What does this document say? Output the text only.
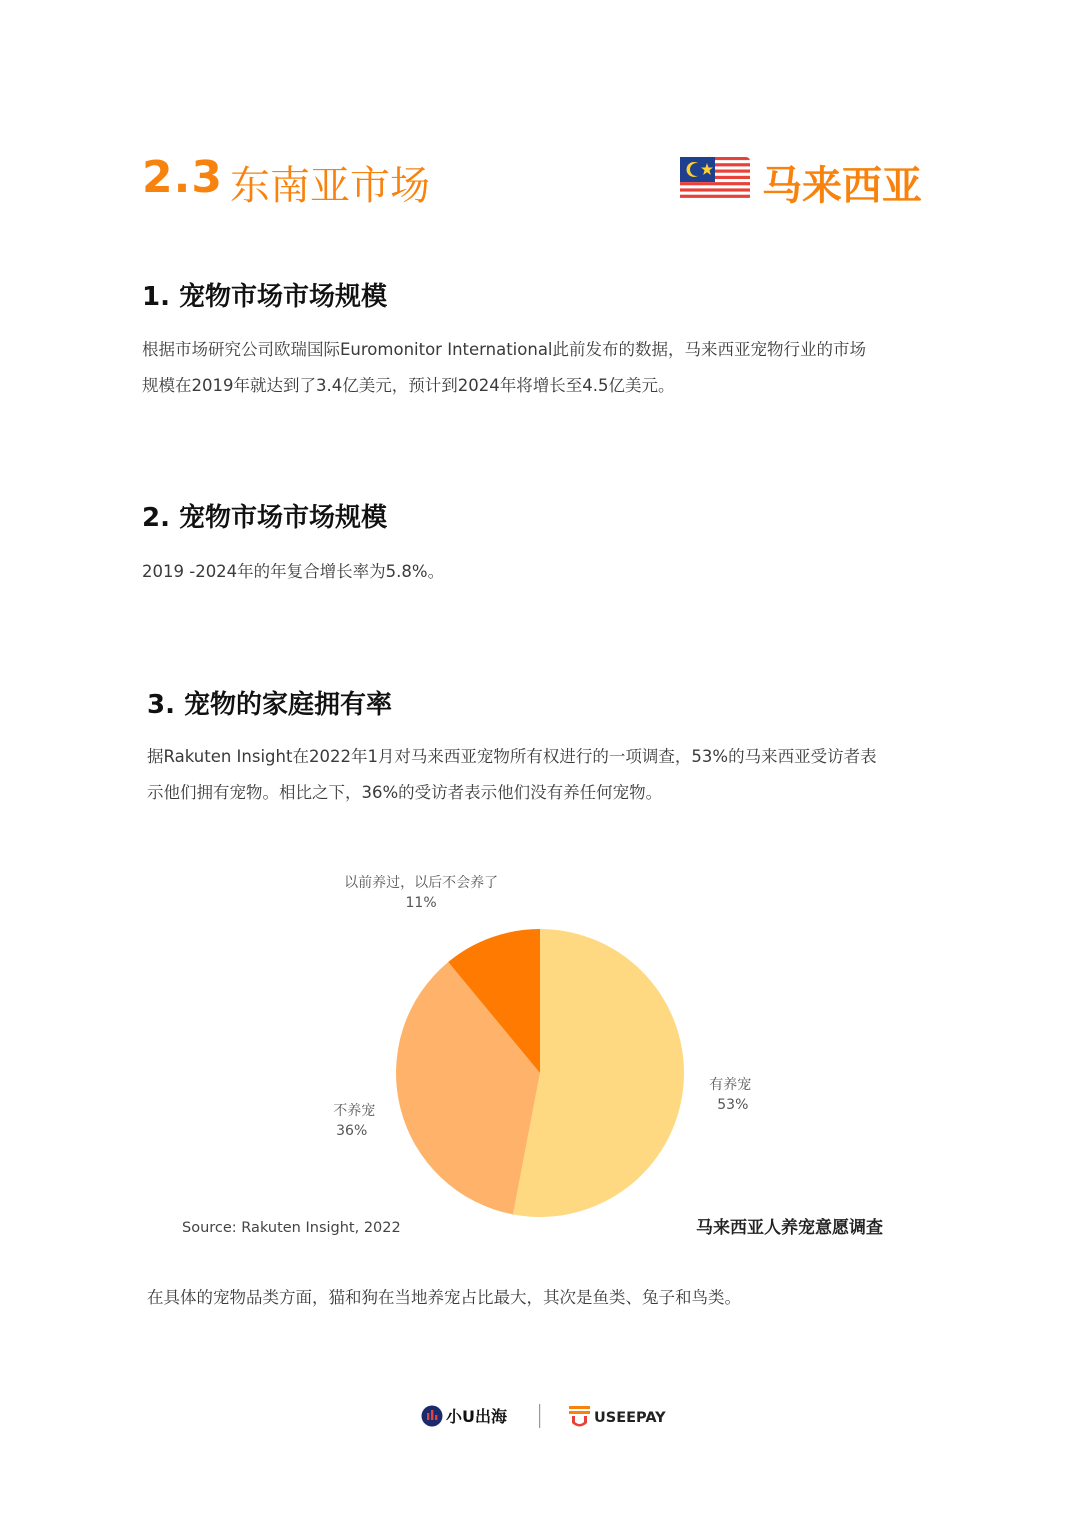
2.3 东南亚市场	马来西亚
1. 宠物市场市场规模
根据市场研究公司欧瑞国际Euromonitor International此前发布的数据，马来西亚宠物行业的市场
规模在2019年就达到了3.4亿美元，预计到2024年将增长至4.5亿美元。
2. 宠物市场市场规模
2019 -2024年的年复合增长率为5.8%。
3. 宠物的家庭拥有率
据Rakuten Insight在2022年1月对马来西亚宠物所有权进行的一项调查，53%的马来西亚受访者表
示他们拥有宠物。相比之下，36%的受访者表示他们没有养任何宠物。
有养宠
53%
不养宠
36%
以前养过，以后不会养了
11%
Source: Rakuten Insight, 2022	马来西亚人养宠意愿调查
在具体的宠物品类方面，猫和狗在当地养宠占比最大，其次是鱼类、兔子和鸟类。
小U出海	USEEPAY
